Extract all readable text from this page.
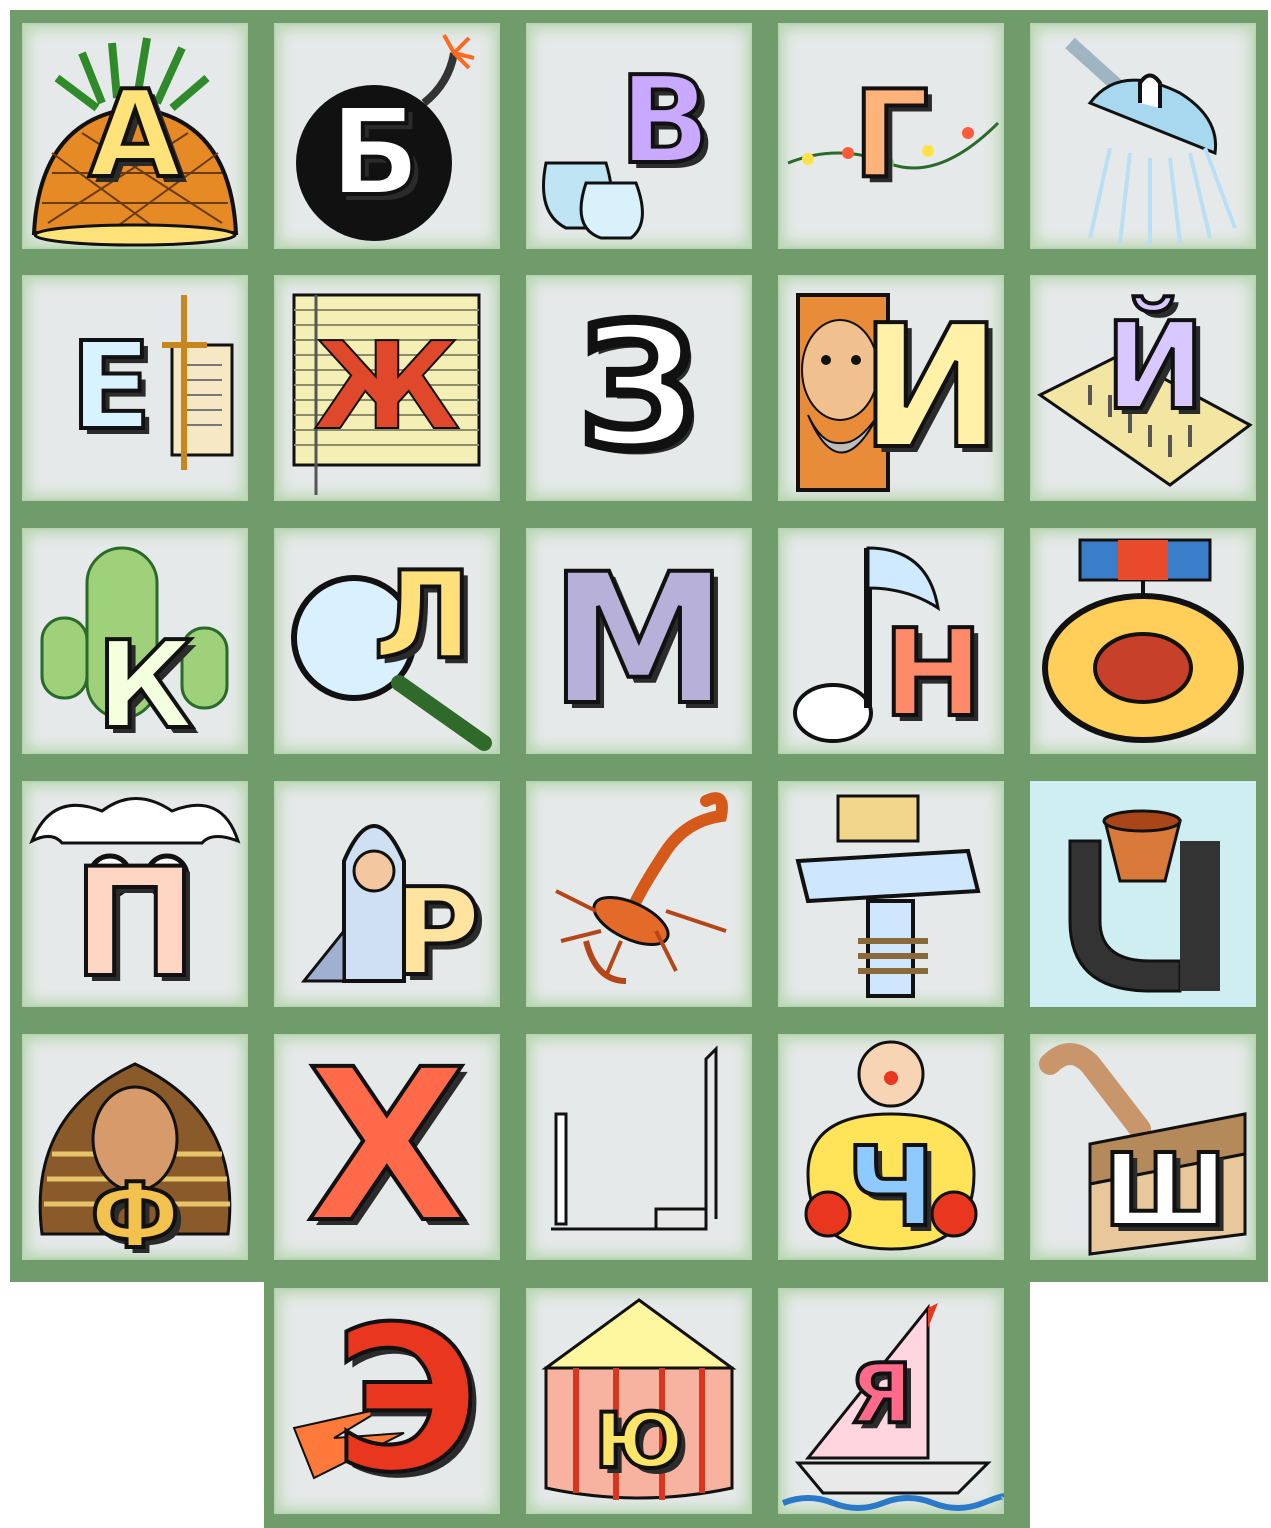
А	Б	В	Г
Е	Ж З И Й
К
Л М	Н
П	Р
Ф Х	Ч	Ш
Э	Ю	Я
